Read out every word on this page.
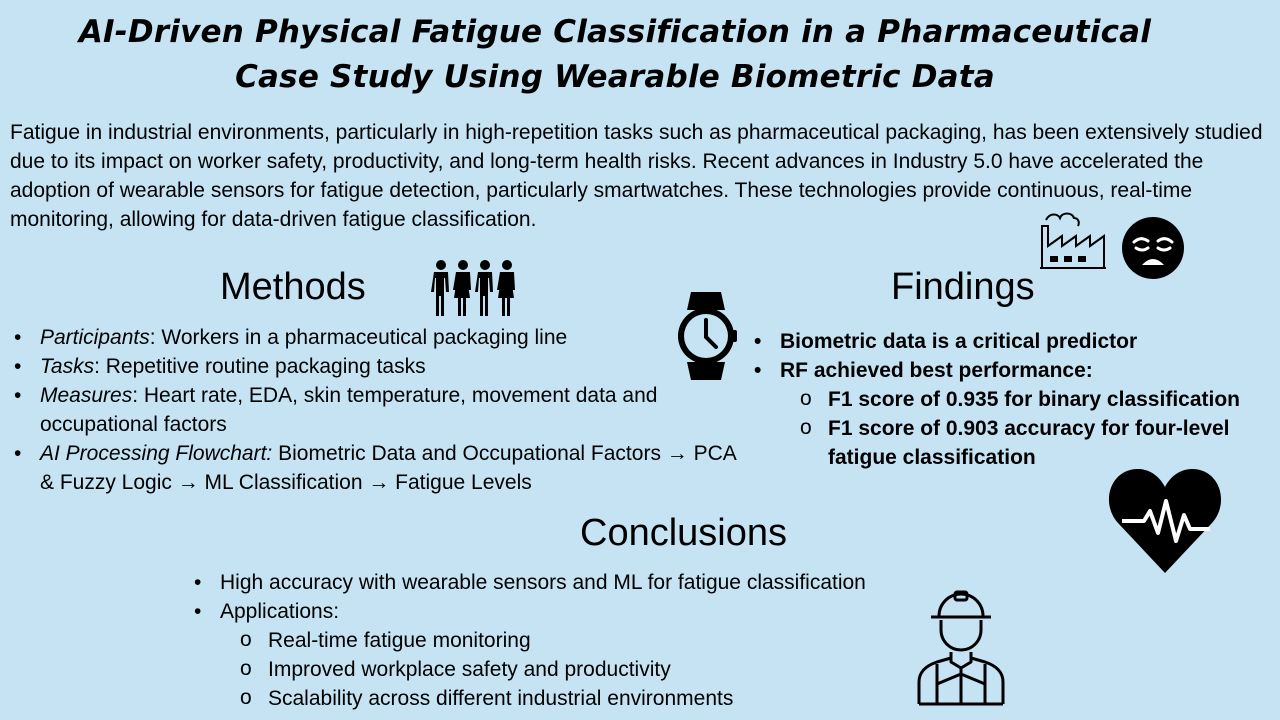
AI-Driven Physical Fatigue Classification in a Pharmaceutical
Case Study Using Wearable Biometric Data
Fatigue in industrial environments, particularly in high-repetition tasks such as pharmaceutical packaging, has been extensively studied due to its impact on worker safety, productivity, and long-term health risks. Recent advances in Industry 5.0 have accelerated the adoption of wearable sensors for fatigue detection, particularly smartwatches. These technologies provide continuous, real-time monitoring, allowing for data-driven fatigue classification.
Methods
• Participants: Workers in a pharmaceutical packaging line
• Tasks: Repetitive routine packaging tasks
• Measures: Heart rate, EDA, skin temperature, movement data and occupational factors
• AI Processing Flowchart: Biometric Data and Occupational Factors → PCA & Fuzzy Logic → ML Classification → Fatigue Levels
Findings
• Biometric data is a critical predictor
• RF achieved best performance:
o F1 score of 0.935 for binary classification
o F1 score of 0.903 accuracy for four-level fatigue classification
Conclusions
• High accuracy with wearable sensors and ML for fatigue classification
• Applications:
o Real-time fatigue monitoring
o Improved workplace safety and productivity
o Scalability across different industrial environments
